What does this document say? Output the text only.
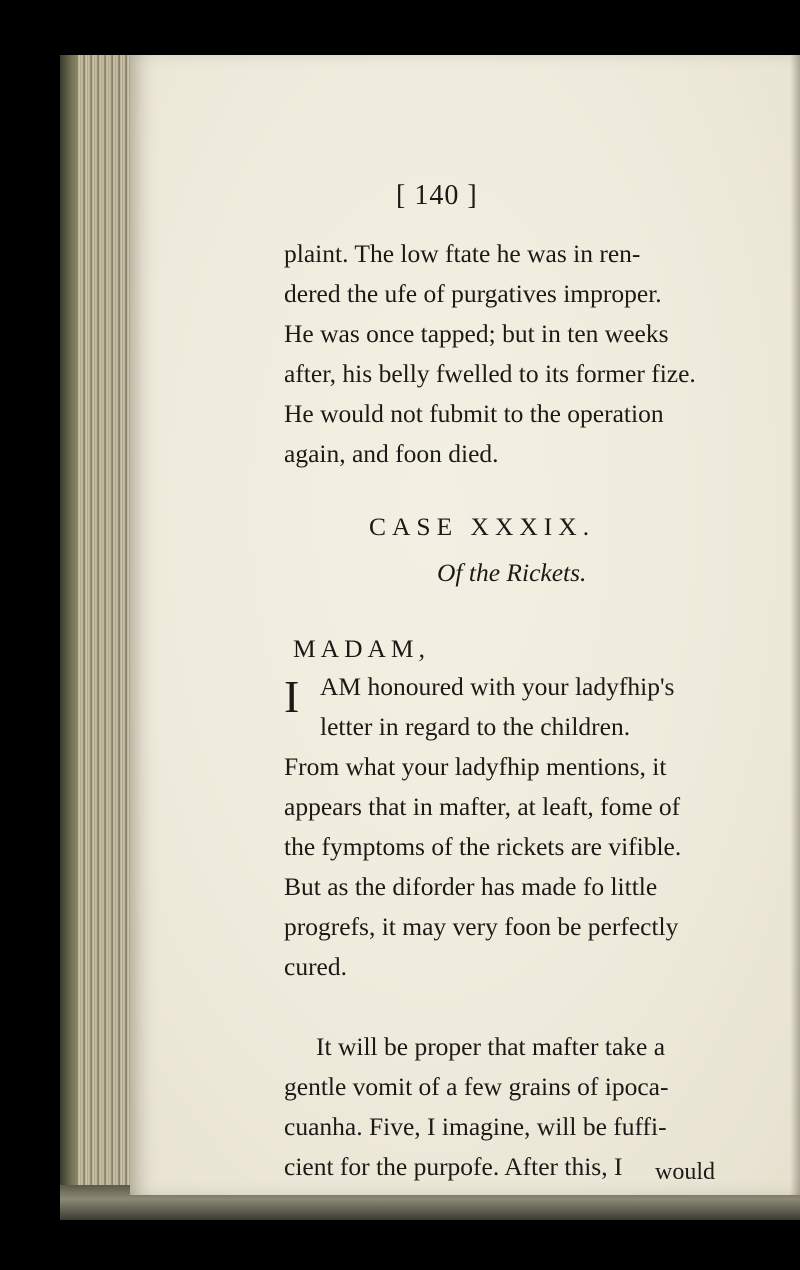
[ 140 ]
plaint. The low ftate he was in ren-
dered the ufe of purgatives improper.
He was once tapped; but in ten weeks
after, his belly fwelled to its former fize.
He would not fubmit to the operation
again, and foon died.
CASE XXXIX.
Of the Rickets.
MADAM,
I AM honoured with your ladyfhip's
letter in regard to the children.
From what your ladyfhip mentions, it
appears that in mafter, at leaft, fome of
the fymptoms of the rickets are vifible.
But as the diforder has made fo little
progrefs, it may very foon be perfectly
cured.
It will be proper that mafter take a
gentle vomit of a few grains of ipoca-
cuanha. Five, I imagine, will be fuffi-
cient for the purpofe. After this, I would
